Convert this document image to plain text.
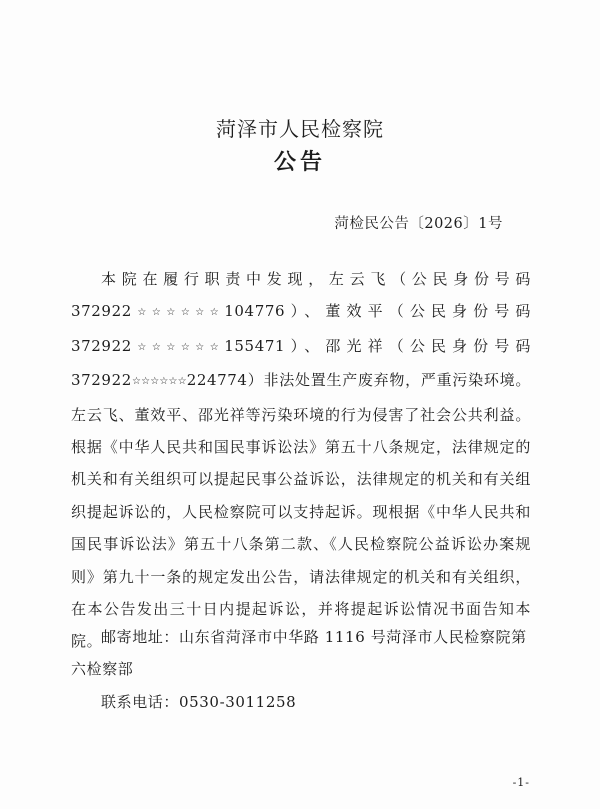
菏泽市人民检察院
公告
菏检民公告〔2026〕1号

本院在履行职责中发现，左云飞（公民身份号码 372922☆☆☆☆☆☆104776）、董效平（公民身份号码 372922☆☆☆☆☆☆155471）、邵光祥（公民身份号码 372922☆☆☆☆☆☆224774）非法处置生产废弃物，严重污染环境。左云飞、董效平、邵光祥等污染环境的行为侵害了社会公共利益。根据《中华人民共和国民事诉讼法》第五十八条规定，法律规定的机关和有关组织可以提起民事公益诉讼，法律规定的机关和有关组织提起诉讼的，人民检察院可以支持起诉。现根据《中华人民共和国民事诉讼法》第五十八条第二款、《人民检察院公益诉讼办案规则》第九十一条的规定发出公告，请法律规定的机关和有关组织，在本公告发出三十日内提起诉讼，并将提起诉讼情况书面告知本院。

邮寄地址：山东省菏泽市中华路 1116 号菏泽市人民检察院第六检察部
联系电话：0530-3011258
-1-
